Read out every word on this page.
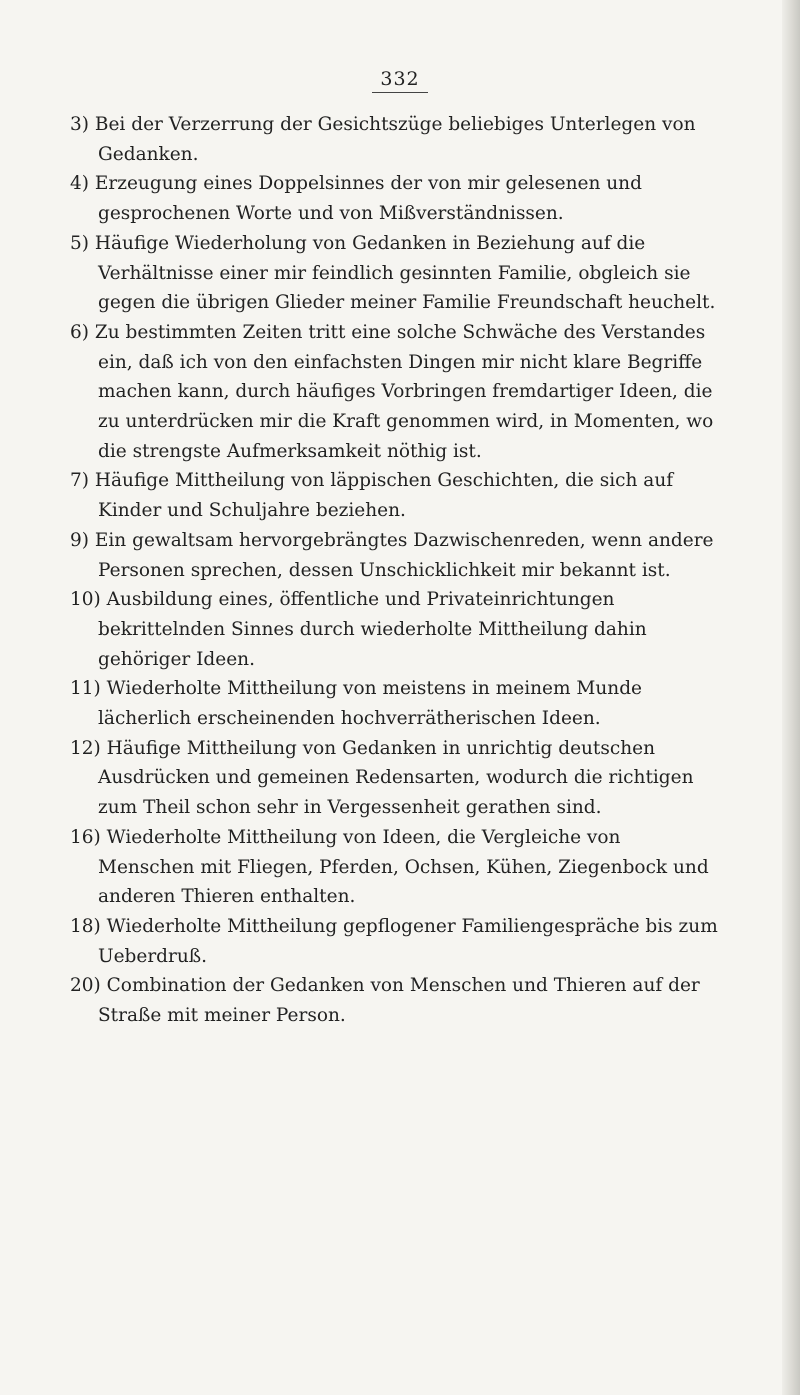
332

3) Bei der Verzerrung der Gesichtszüge beliebiges Unterlegen von Gedanken.

4) Erzeugung eines Doppelsinnes der von mir gelesenen und gesprochenen Worte und von Mißverständnissen.

5) Häufige Wiederholung von Gedanken in Beziehung auf die Verhältnisse einer mir feindlich gesinnten Familie, obgleich sie gegen die übrigen Glieder meiner Familie Freundschaft heuchelt.

6) Zu bestimmten Zeiten tritt eine solche Schwäche des Verstandes ein, daß ich von den einfachsten Dingen mir nicht klare Begriffe machen kann, durch häufiges Vorbringen fremdartiger Ideen, die zu unterdrücken mir die Kraft genommen wird, in Momenten, wo die strengste Aufmerksamkeit nöthig ist.

7) Häufige Mittheilung von läppischen Geschichten, die sich auf Kinder und Schuljahre beziehen.

9) Ein gewaltsam hervorgebrängtes Dazwischenreden, wenn andere Personen sprechen, dessen Unschicklichkeit mir bekannt ist.

10) Ausbildung eines, öffentliche und Privateinrichtungen bekrittelnden Sinnes durch wiederholte Mittheilung dahin gehöriger Ideen.

11) Wiederholte Mittheilung von meistens in meinem Munde lächerlich erscheinenden hochverrätherischen Ideen.

12) Häufige Mittheilung von Gedanken in unrichtig deutschen Ausdrücken und gemeinen Redensarten, wodurch die richtigen zum Theil schon sehr in Vergessenheit gerathen sind.

16) Wiederholte Mittheilung von Ideen, die Vergleiche von Menschen mit Fliegen, Pferden, Ochsen, Kühen, Ziegenbock und anderen Thieren enthalten.

18) Wiederholte Mittheilung gepflogener Familiengespräche bis zum Ueberdruß.

20) Combination der Gedanken von Menschen und Thieren auf der Straße mit meiner Person.
